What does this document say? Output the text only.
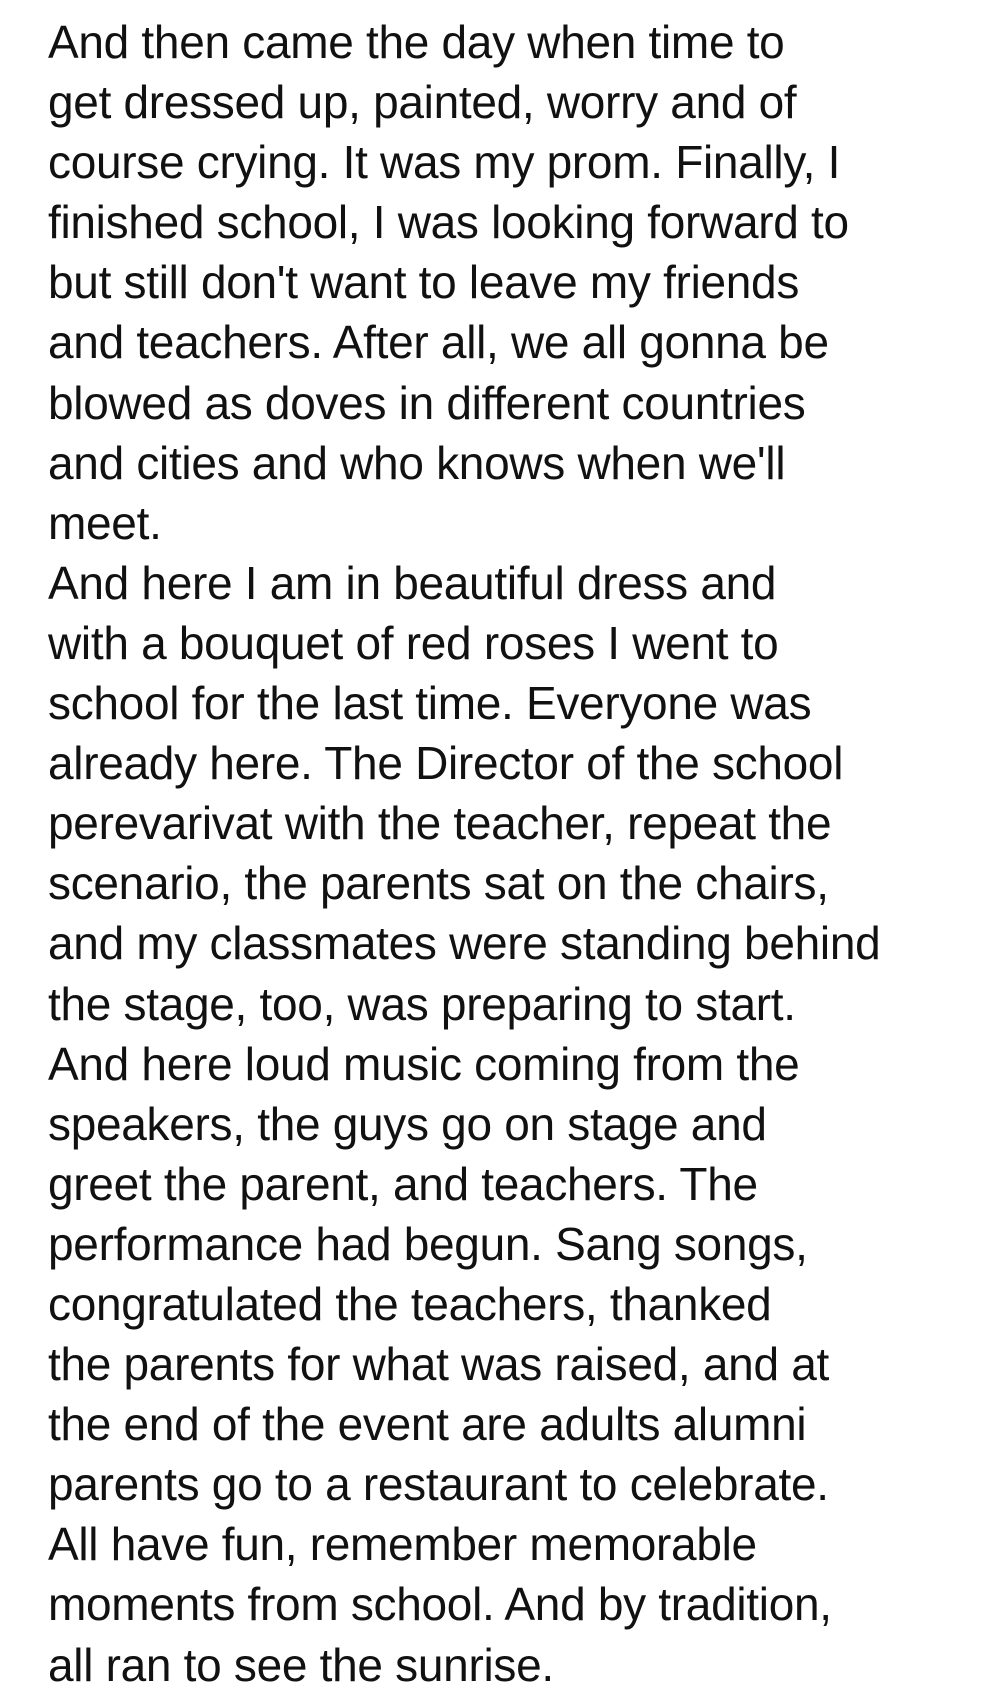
And then came the day when time to
get dressed up, painted, worry and of
course crying. It was my prom. Finally, I
finished school, I was looking forward to
but still don't want to leave my friends
and teachers. After all, we all gonna be
blowed as doves in different countries
and cities and who knows when we'll
meet.
And here I am in beautiful dress and
with a bouquet of red roses I went to
school for the last time. Everyone was
already here. The Director of the school
perevarivat with the teacher, repeat the
scenario, the parents sat on the chairs,
and my classmates were standing behind
the stage, too, was preparing to start.
And here loud music coming from the
speakers, the guys go on stage and
greet the parent, and teachers. The
performance had begun. Sang songs,
congratulated the teachers, thanked
the parents for what was raised, and at
the end of the event are adults alumni
parents go to a restaurant to celebrate.
All have fun, remember memorable
moments from school. And by tradition,
all ran to see the sunrise.
